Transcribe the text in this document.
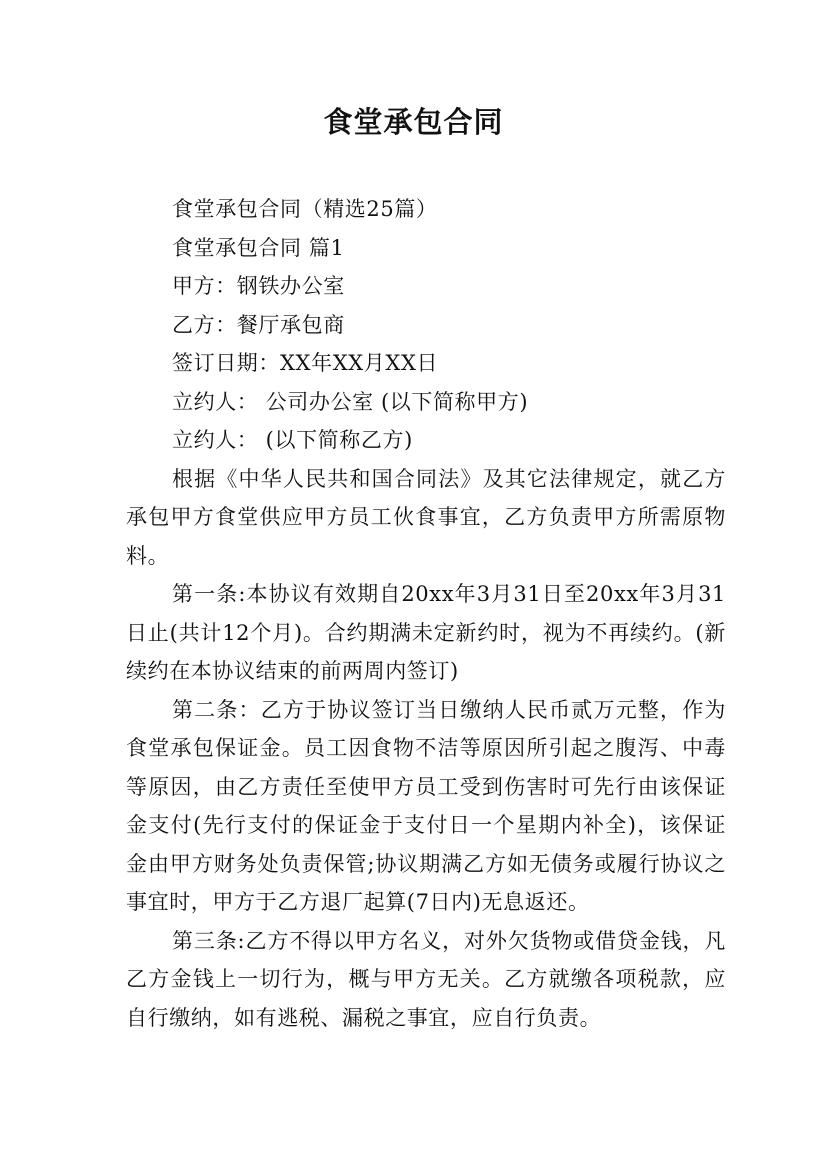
食堂承包合同

食堂承包合同（精选25篇）

食堂承包合同 篇1

甲方：钢铁办公室

乙方：餐厅承包商

签订日期：XX年XX月XX日

立约人： 公司办公室 (以下简称甲方)

立约人： (以下简称乙方)

根据《中华人民共和国合同法》及其它法律规定，就乙方承包甲方食堂供应甲方员工伙食事宜，乙方负责甲方所需原物料。

第一条:本协议有效期自20xx年3月31日至20xx年3月31日止(共计12个月)。合约期满未定新约时，视为不再续约。(新续约在本协议结束的前两周内签订)

第二条：乙方于协议签订当日缴纳人民币贰万元整，作为食堂承包保证金。员工因食物不洁等原因所引起之腹泻、中毒等原因，由乙方责任至使甲方员工受到伤害时可先行由该保证金支付(先行支付的保证金于支付日一个星期内补全)，该保证金由甲方财务处负责保管;协议期满乙方如无债务或履行协议之事宜时，甲方于乙方退厂起算(7日内)无息返还。

第三条:乙方不得以甲方名义，对外欠货物或借贷金钱，凡乙方金钱上一切行为，概与甲方无关。乙方就缴各项税款，应自行缴纳，如有逃税、漏税之事宜，应自行负责。
